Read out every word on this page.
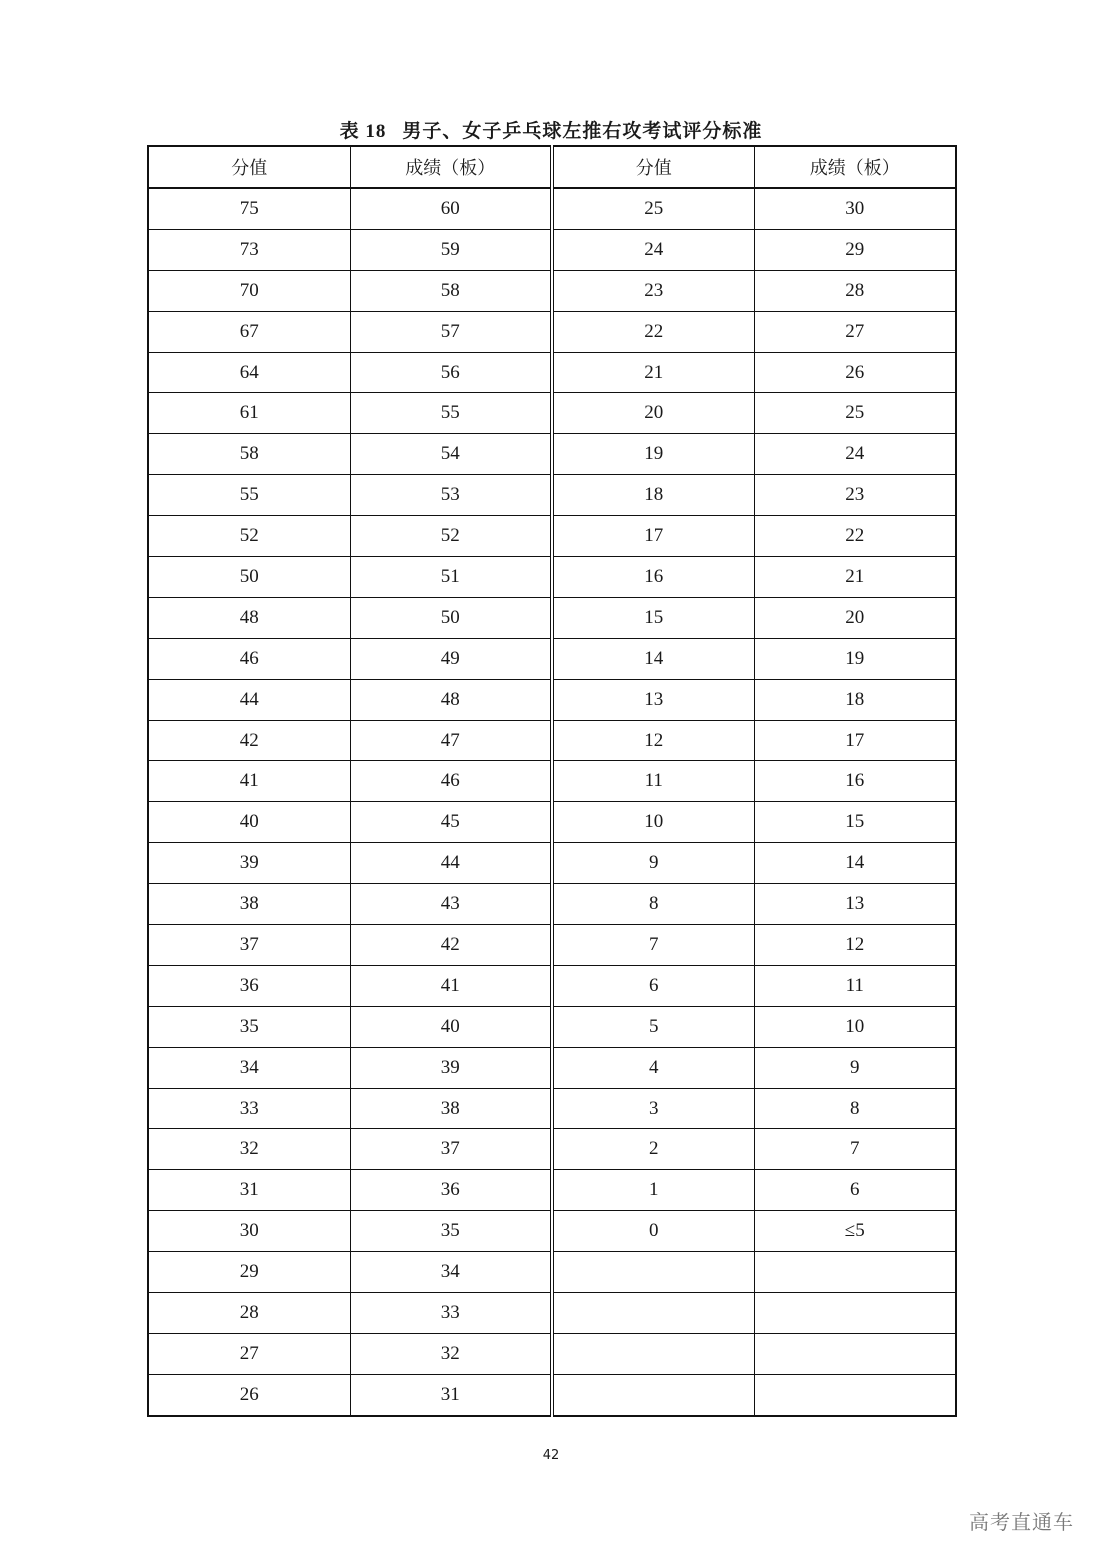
表 18 男子、女子乒乓球左推右攻考试评分标准
分值	成绩（板）	分值	成绩（板）
75	60	25	30
73	59	24	29
70	58	23	28
67	57	22	27
64	56	21	26
61	55	20	25
58	54	19	24
55	53	18	23
52	52	17	22
50	51	16	21
48	50	15	20
46	49	14	19
44	48	13	18
42	47	12	17
41	46	11	16
40	45	10	15
39	44	9	14
38	43	8	13
37	42	7	12
36	41	6	11
35	40	5	10
34	39	4	9
33	38	3	8
32	37	2	7
31	36	1	6
30	35	0	≤5
29	34		
28	33		
27	32		
26	31		
42
高考直通车
